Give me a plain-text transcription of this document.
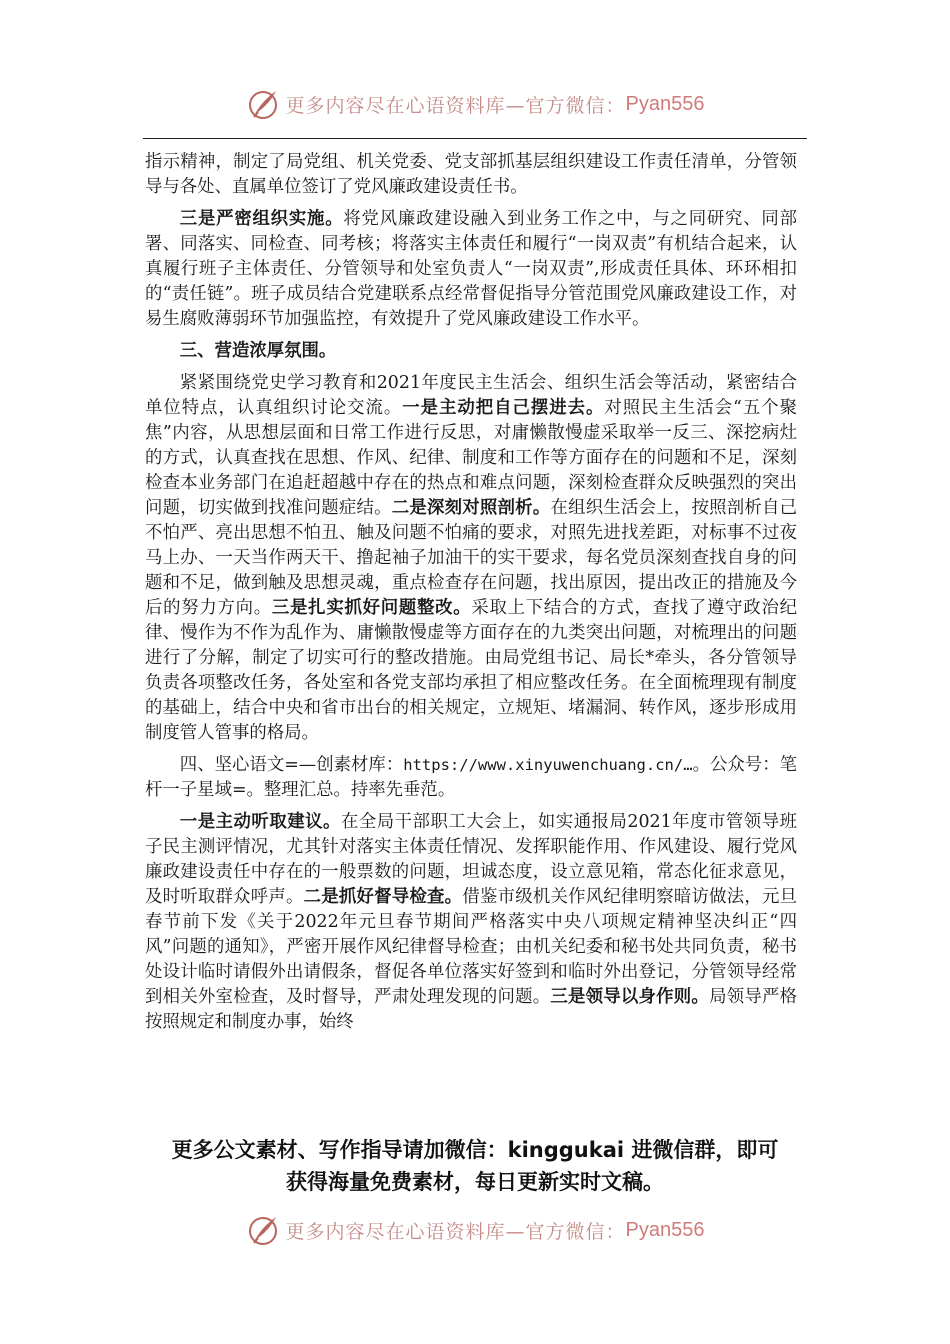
更多内容尽在心语资料库—官方微信： Pyan556

指示精神，制定了局党组、机关党委、党支部抓基层组织建设工作责任清单，分管领导与各处、直属单位签订了党风廉政建设责任书。

三是严密组织实施。将党风廉政建设融入到业务工作之中，与之同研究、同部署、同落实、同检查、同考核；将落实主体责任和履行“一岗双责”有机结合起来，认真履行班子主体责任、分管领导和处室负责人“一岗双责”,形成责任具体、环环相扣的“责任链”。班子成员结合党建联系点经常督促指导分管范围党风廉政建设工作，对易生腐败薄弱环节加强监控，有效提升了党风廉政建设工作水平。

三、营造浓厚氛围。

紧紧围绕党史学习教育和2021年度民主生活会、组织生活会等活动，紧密结合单位特点，认真组织讨论交流。一是主动把自己摆进去。对照民主生活会“五个聚焦”内容，从思想层面和日常工作进行反思，对庸懒散慢虚采取举一反三、深挖病灶的方式，认真查找在思想、作风、纪律、制度和工作等方面存在的问题和不足，深刻检查本业务部门在追赶超越中存在的热点和难点问题，深刻检查群众反映强烈的突出问题，切实做到找准问题症结。二是深刻对照剖析。在组织生活会上，按照剖析自己不怕严、亮出思想不怕丑、触及问题不怕痛的要求，对照先进找差距，对标事不过夜马上办、一天当作两天干、撸起袖子加油干的实干要求，每名党员深刻查找自身的问题和不足，做到触及思想灵魂，重点检查存在问题，找出原因，提出改正的措施及今后的努力方向。三是扎实抓好问题整改。采取上下结合的方式，查找了遵守政治纪律、慢作为不作为乱作为、庸懒散慢虚等方面存在的九类突出问题，对梳理出的问题进行了分解，制定了切实可行的整改措施。由局党组书记、局长*牵头，各分管领导负责各项整改任务，各处室和各党支部均承担了相应整改任务。在全面梳理现有制度的基础上，结合中央和省市出台的相关规定，立规矩、堵漏洞、转作风，逐步形成用制度管人管事的格局。

四、坚心语文=—创素材库：https://www.xinyuwenchuang.cn/…。公众号：笔杆一子星域=。整理汇总。持率先垂范。

一是主动听取建议。在全局干部职工大会上，如实通报局2021年度市管领导班子民主测评情况，尤其针对落实主体责任情况、发挥职能作用、作风建设、履行党风廉政建设责任中存在的一般票数的问题，坦诚态度，设立意见箱，常态化征求意见，及时听取群众呼声。二是抓好督导检查。借鉴市级机关作风纪律明察暗访做法，元旦春节前下发《关于2022年元旦春节期间严格落实中央八项规定精神坚决纠正“四风”问题的通知》，严密开展作风纪律督导检查；由机关纪委和秘书处共同负责，秘书处设计临时请假外出请假条，督促各单位落实好签到和临时外出登记，分管领导经常到相关外室检查，及时督导，严肃处理发现的问题。三是领导以身作则。局领导严格按照规定和制度办事，始终

更多公文素材、写作指导请加微信：kinggukai 进微信群，即可
获得海量免费素材，每日更新实时文稿。
更多内容尽在心语资料库—官方微信： Pyan556
